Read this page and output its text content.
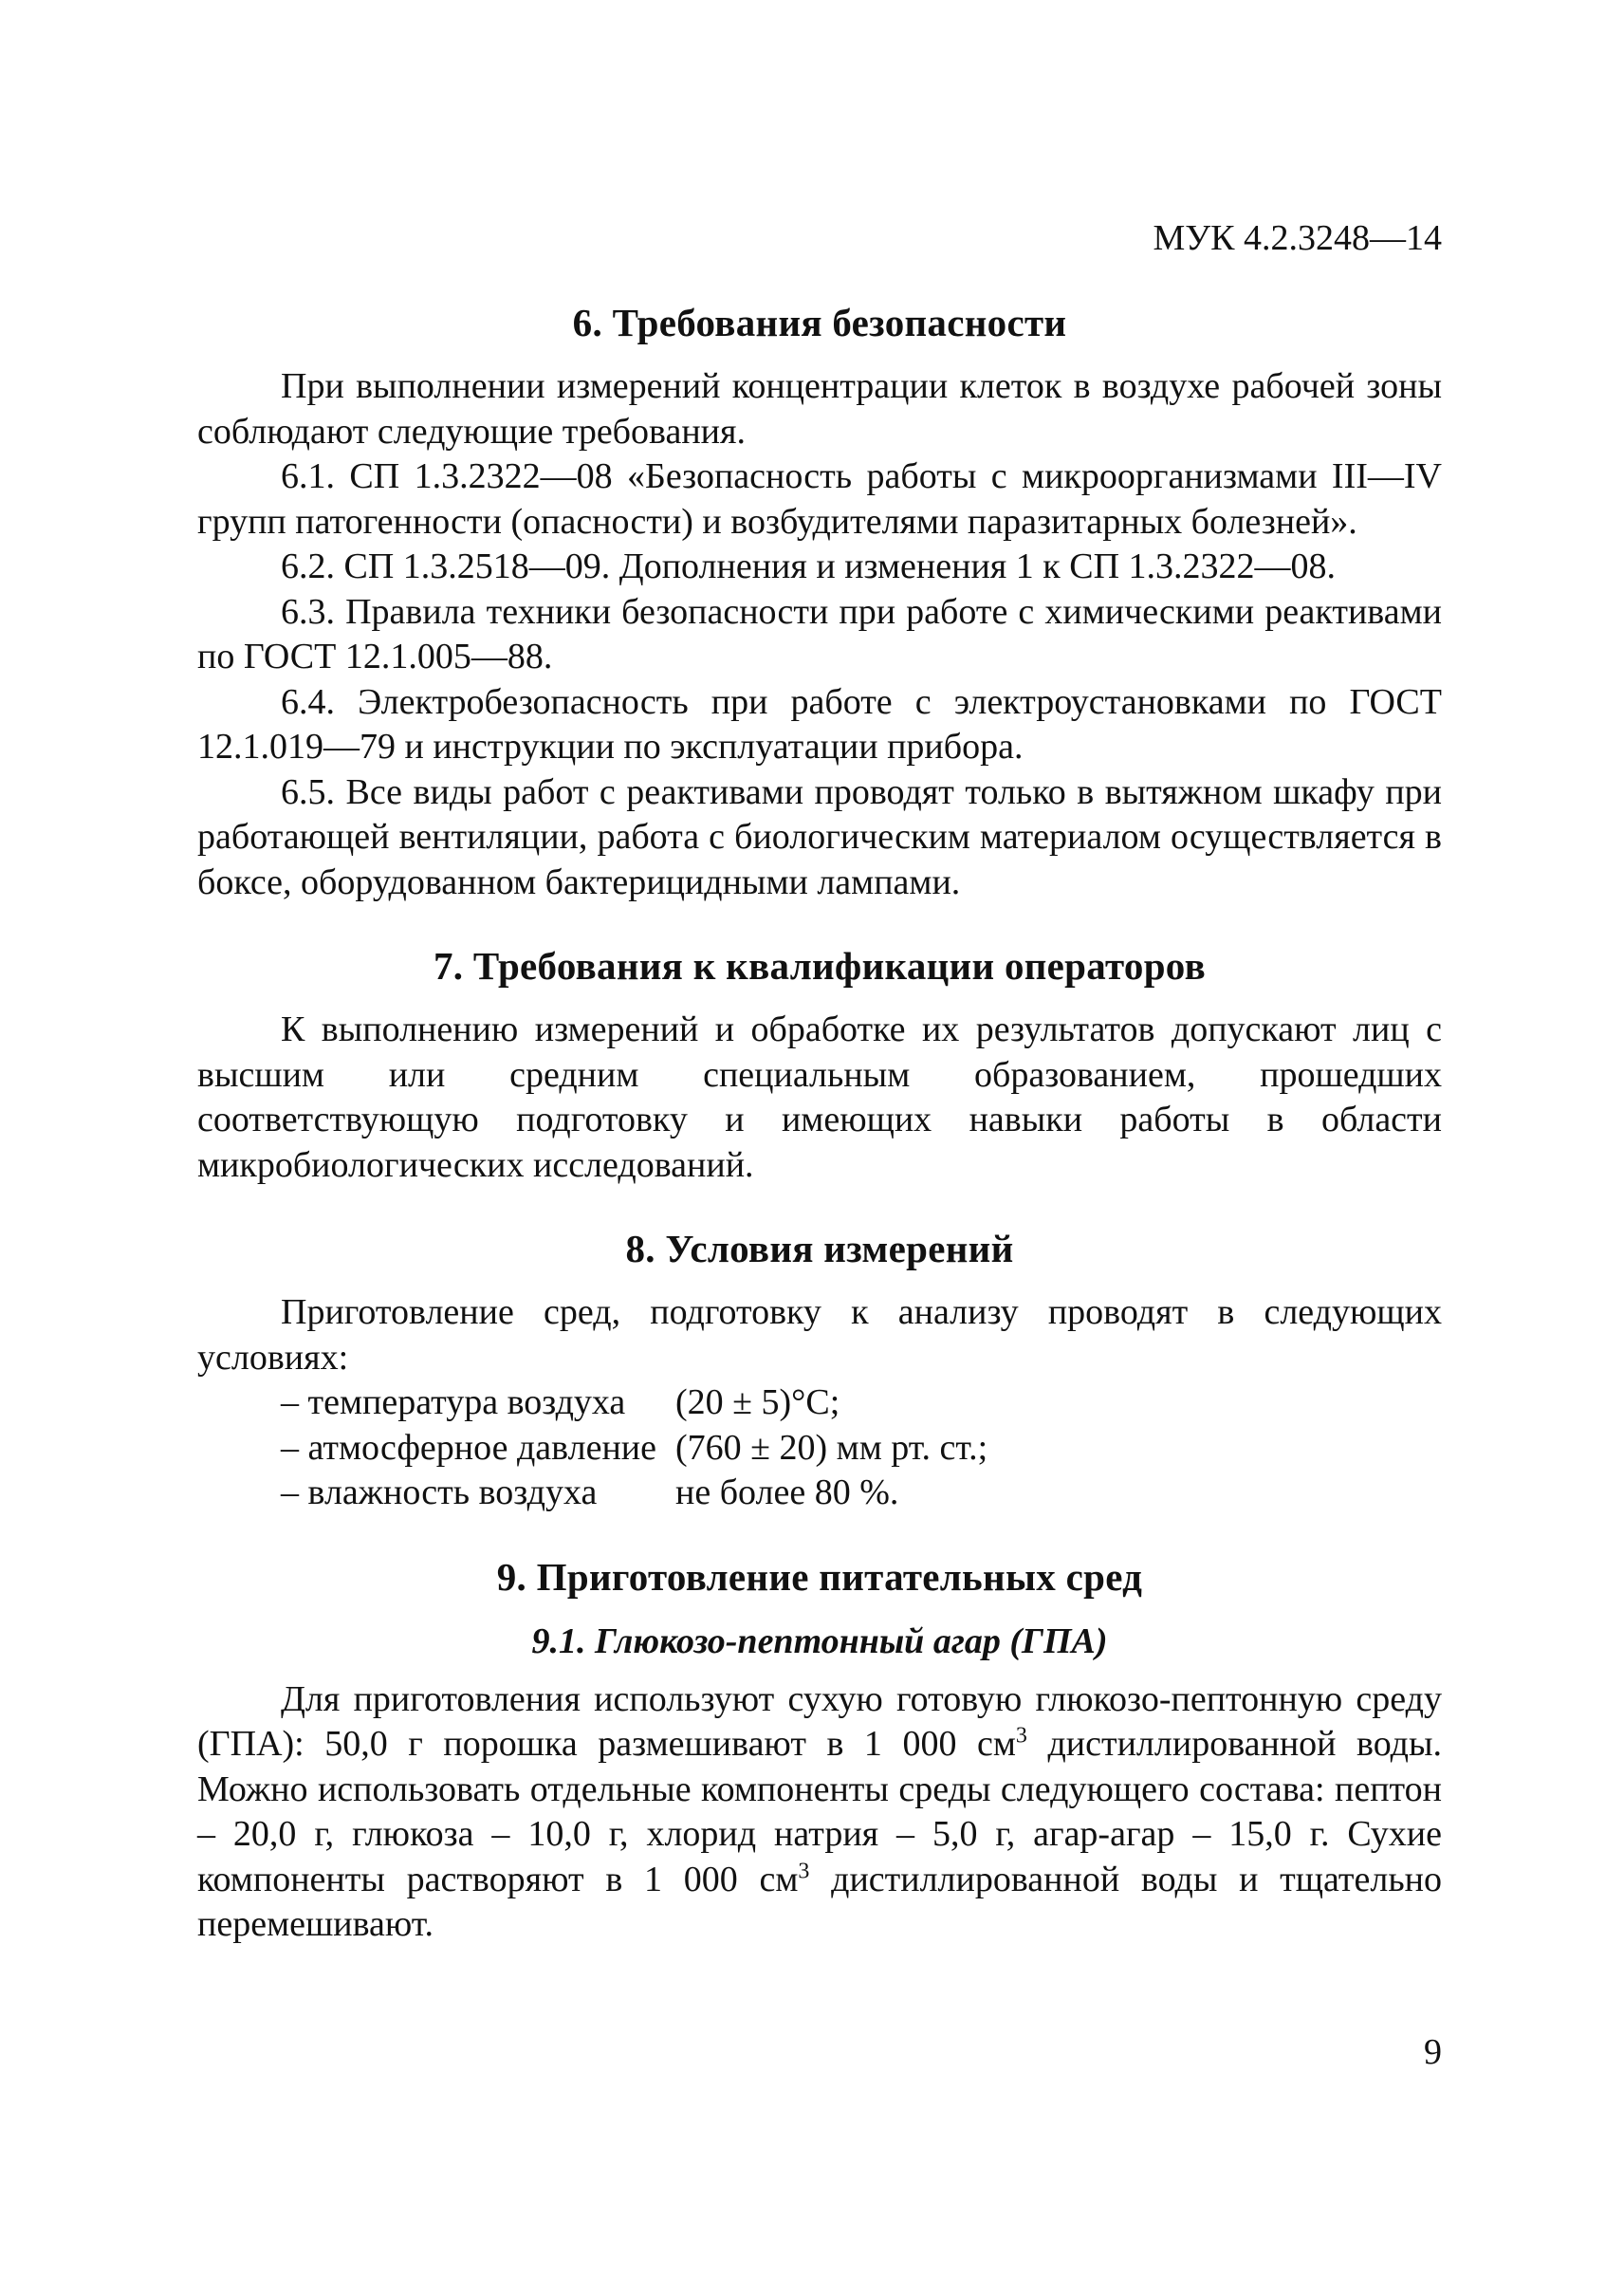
МУК 4.2.3248—14
6. Требования безопасности

При выполнении измерений концентрации клеток в воздухе рабочей зоны соблюдают следующие требования.

6.1. СП 1.3.2322—08 «Безопасность работы с микроорганизмами III—IV групп патогенности (опасности) и возбудителями паразитарных болезней».

6.2. СП 1.3.2518—09. Дополнения и изменения 1 к СП 1.3.2322—08.

6.3. Правила техники безопасности при работе с химическими реактивами по ГОСТ 12.1.005—88.

6.4. Электробезопасность при работе с электроустановками по ГОСТ 12.1.019—79 и инструкции по эксплуатации прибора.

6.5. Все виды работ с реактивами проводят только в вытяжном шкафу при работающей вентиляции, работа с биологическим материалом осуществляется в боксе, оборудованном бактерицидными лампами.

7. Требования к квалификации операторов

К выполнению измерений и обработке их результатов допускают лиц с высшим или средним специальным образованием, прошедших соответствующую подготовку и имеющих навыки работы в области микробиологических исследований.

8. Условия измерений

Приготовление сред, подготовку к анализу проводят в следующих условиях:

– температура воздуха	(20 ± 5)°С;
– атмосферное давление (760 ± 20) мм рт. ст.;
– влажность воздуха	не более 80 %.
9. Приготовление питательных сред
9.1. Глюкозо-пептонный агар (ГПА)

Для приготовления используют сухую готовую глюкозо-пептонную среду (ГПА): 50,0 г порошка размешивают в 1 000 $см^3$ дистиллированной воды. Можно использовать отдельные компоненты среды следующего состава: пептон – 20,0 г, глюкоза – 10,0 г, хлорид натрия – 5,0 г, агар-агар – 15,0 г. Сухие компоненты растворяют в 1 000 $см^3$ дистиллированной воды и тщательно перемешивают.

9
